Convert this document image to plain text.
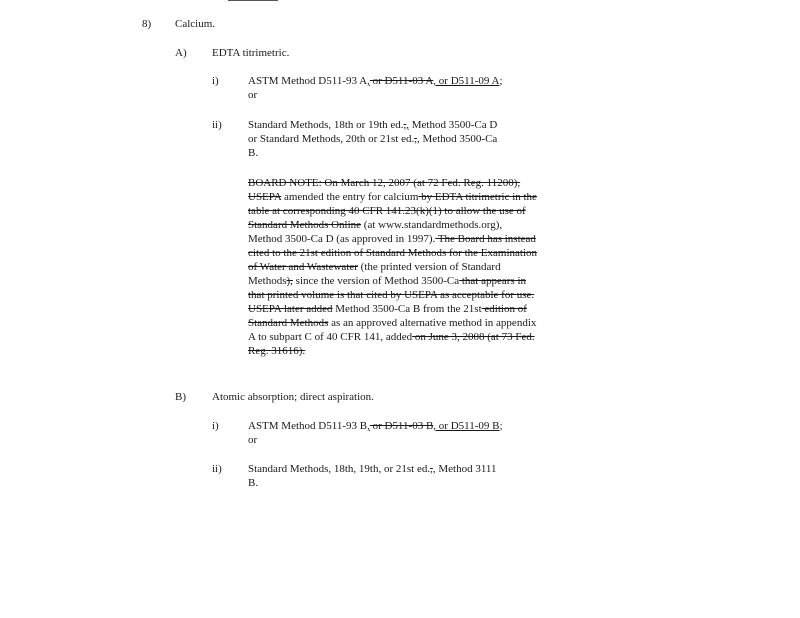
8) Calcium.
A) EDTA titrimetric.
i)	ASTM Method D511-93 A, or D511-03 A, or D511-09 A;
or
ii) Standard Methods, 18th or 19th ed.,, Method 3500-Ca D
or Standard Methods, 20th or 21st ed.,, Method 3500-Ca
B.

BOARD NOTE: On March 12, 2007 (at 72 Fed. Reg. 11200), USEPA amended the entry for calcium by EDTA titrimetric in the table at corresponding 40 CFR 141.23(k)(1) to allow the use of Standard Methods Online (at www.standardmethods.org), Method 3500-Ca D (as approved in 1997). The Board has instead cited to the 21st edition of Standard Methods for the Examination of Water and Wastewater (the printed version of Standard Methods), since the version of Method 3500-Ca that appears in that printed volume is that cited by USEPA as acceptable for use. USEPA later added Method 3500-Ca B from the 21st edition of Standard Methods as an approved alternative method in appendix A to subpart C of 40 CFR 141, added on June 3, 2008 (at 73 Fed. Reg. 31616).

B) Atomic absorption; direct aspiration.
i)	ASTM Method D511-93 B, or D511-03 B, or D511-09 B;
or
ii) Standard Methods, 18th, 19th, or 21st ed.,, Method 3111
B.
